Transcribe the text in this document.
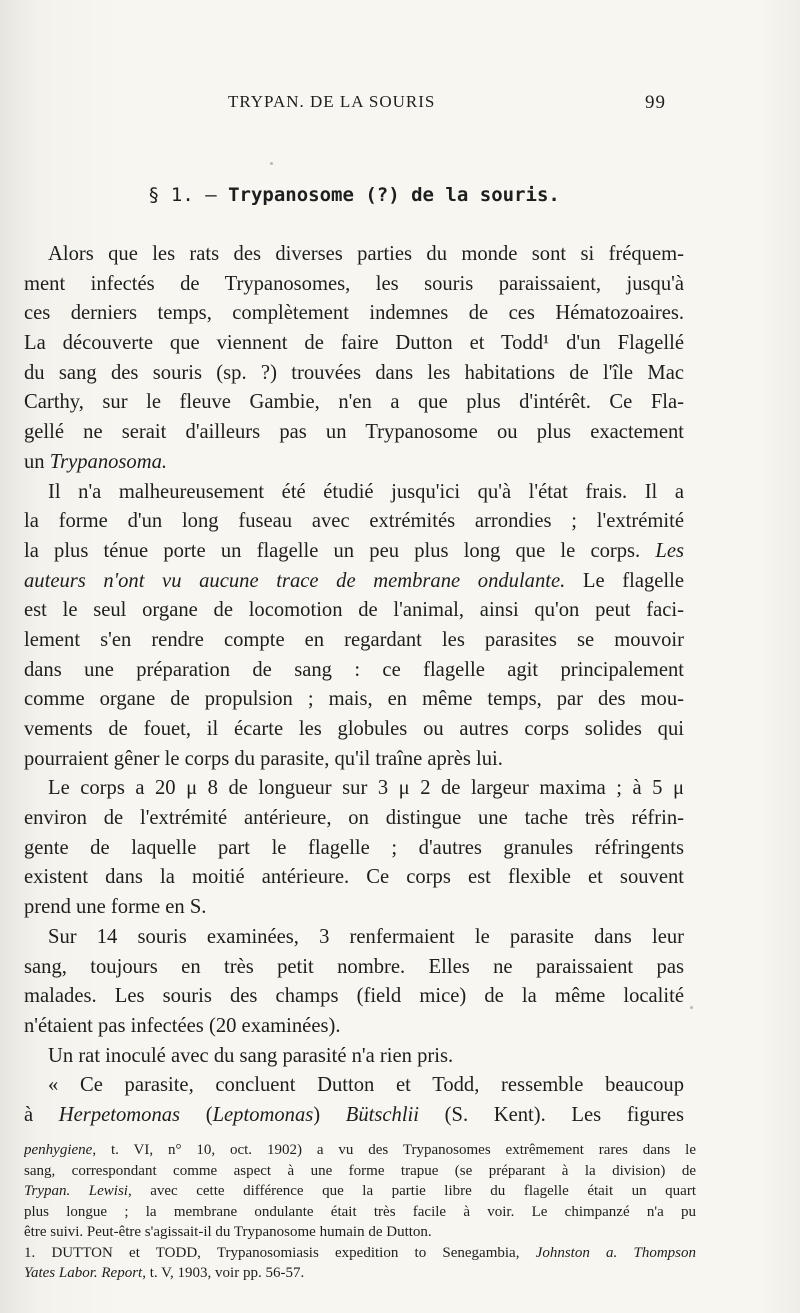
TRYPAN. DE LA SOURIS	99
§ 1. — Trypanosome (?) de la souris.
Alors que les rats des diverses parties du monde sont si fréquem-
ment infectés de Trypanosomes, les souris paraissaient, jusqu'à
ces derniers temps, complètement indemnes de ces Hématozoaires.
La découverte que viennent de faire Dutton et Todd¹ d'un Flagellé
du sang des souris (sp. ?) trouvées dans les habitations de l'île Mac
Carthy, sur le fleuve Gambie, n'en a que plus d'intérêt. Ce Fla-
gellé ne serait d'ailleurs pas un Trypanosome ou plus exactement
un Trypanosoma.
Il n'a malheureusement été étudié jusqu'ici qu'à l'état frais. Il a
la forme d'un long fuseau avec extrémités arrondies ; l'extrémité
la plus ténue porte un flagelle un peu plus long que le corps. Les
auteurs n'ont vu aucune trace de membrane ondulante. Le flagelle
est le seul organe de locomotion de l'animal, ainsi qu'on peut faci-
lement s'en rendre compte en regardant les parasites se mouvoir
dans une préparation de sang : ce flagelle agit principalement
comme organe de propulsion ; mais, en même temps, par des mou-
vements de fouet, il écarte les globules ou autres corps solides qui
pourraient gêner le corps du parasite, qu'il traîne après lui.
Le corps a 20 μ 8 de longueur sur 3 μ 2 de largeur maxima ; à 5 μ
environ de l'extrémité antérieure, on distingue une tache très réfrin-
gente de laquelle part le flagelle ; d'autres granules réfringents
existent dans la moitié antérieure. Ce corps est flexible et souvent
prend une forme en S.
Sur 14 souris examinées, 3 renfermaient le parasite dans leur
sang, toujours en très petit nombre. Elles ne paraissaient pas
malades. Les souris des champs (field mice) de la même localité
n'étaient pas infectées (20 examinées).
Un rat inoculé avec du sang parasité n'a rien pris.
« Ce parasite, concluent Dutton et Todd, ressemble beaucoup
à Herpetomonas (Leptomonas) Bütschlii (S. Kent). Les figures
penhygiene, t. VI, n° 10, oct. 1902) a vu des Trypanosomes extrêmement rares dans le
sang, correspondant comme aspect à une forme trapue (se préparant à la division) de
Trypan. Lewisi, avec cette différence que la partie libre du flagelle était un quart
plus longue ; la membrane ondulante était très facile à voir. Le chimpanzé n'a pu
être suivi. Peut-être s'agissait-il du Trypanosome humain de Dutton.
1. DUTTON et TODD, Trypanosomiasis expedition to Senegambia, Johnston a. Thompson
Yates Labor. Report, t. V, 1903, voir pp. 56-57.
